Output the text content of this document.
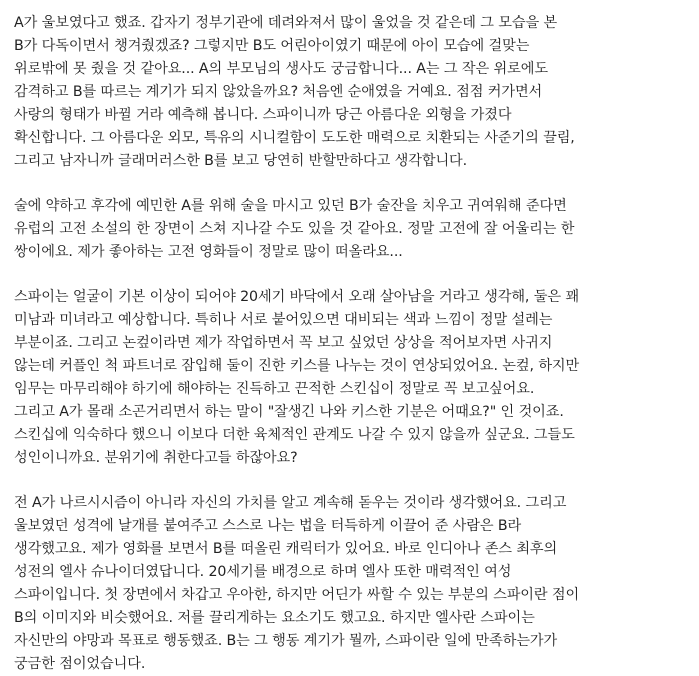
A가 울보였다고 했죠. 갑자기 정부기관에 데려와져서 많이 울었을 것 같은데 그 모습을 본
B가 다독이면서 챙겨줬겠죠? 그렇지만 B도 어린아이였기 때문에 아이 모습에 걸맞는
위로밖에 못 줬을 것 같아요... A의 부모님의 생사도 궁금합니다... A는 그 작은 위로에도
감격하고 B를 따르는 계기가 되지 않았을까요? 처음엔 순애였을 거예요. 점점 커가면서
사랑의 형태가 바뀔 거라 예측해 봅니다. 스파이니까 당근 아름다운 외형을 가졌다
확신합니다. 그 아름다운 외모, 특유의 시니컬함이 도도한 매력으로 치환되는 사준기의 끌림,
그리고 남자니까 글래머러스한 B를 보고 당연히 반할만하다고 생각합니다.
술에 약하고 후각에 예민한 A를 위해 술을 마시고 있던 B가 술잔을 치우고 귀여워해 준다면
유럽의 고전 소설의 한 장면이 스쳐 지나갈 수도 있을 것 같아요. 정말 고전에 잘 어울리는 한
쌍이에요. 제가 좋아하는 고전 영화들이 정말로 많이 떠올라요...
스파이는 얼굴이 기본 이상이 되어야 20세기 바닥에서 오래 살아남을 거라고 생각해, 둘은 꽤
미남과 미녀라고 예상합니다. 특히나 서로 붙어있으면 대비되는 색과 느낌이 정말 설레는
부분이죠. 그리고 논컾이라면 제가 작업하면서 꼭 보고 싶었던 상상을 적어보자면 사귀지
않는데 커플인 척 파트너로 잠입해 둘이 진한 키스를 나누는 것이 연상되었어요. 논컾, 하지만
임무는 마무리해야 하기에 해야하는 진득하고 끈적한 스킨십이 정말로 꼭 보고싶어요.
그리고 A가 몰래 소곤거리면서 하는 말이 "잘생긴 나와 키스한 기분은 어때요?" 인 것이죠.
스킨십에 익숙하다 했으니 이보다 더한 육체적인 관계도 나갈 수 있지 않을까 싶군요. 그들도
성인이니까요. 분위기에 취한다고들 하잖아요?
전 A가 나르시시즘이 아니라 자신의 가치를 알고 계속해 돋우는 것이라 생각했어요. 그리고
울보였던 성격에 날개를 붙여주고 스스로 나는 법을 터득하게 이끌어 준 사람은 B라
생각했고요. 제가 영화를 보면서 B를 떠올린 캐릭터가 있어요. 바로 인디아나 존스 최후의
성전의 엘사 슈나이더였답니다. 20세기를 배경으로 하며 엘사 또한 매력적인 여성
스파이입니다. 첫 장면에서 차갑고 우아한, 하지만 어딘가 싸할 수 있는 부분의 스파이란 점이
B의 이미지와 비슷했어요. 저를 끌리게하는 요소기도 했고요. 하지만 엘사란 스파이는
자신만의 야망과 목표로 행동했죠. B는 그 행동 계기가 뭘까, 스파이란 일에 만족하는가가
궁금한 점이었습니다.
